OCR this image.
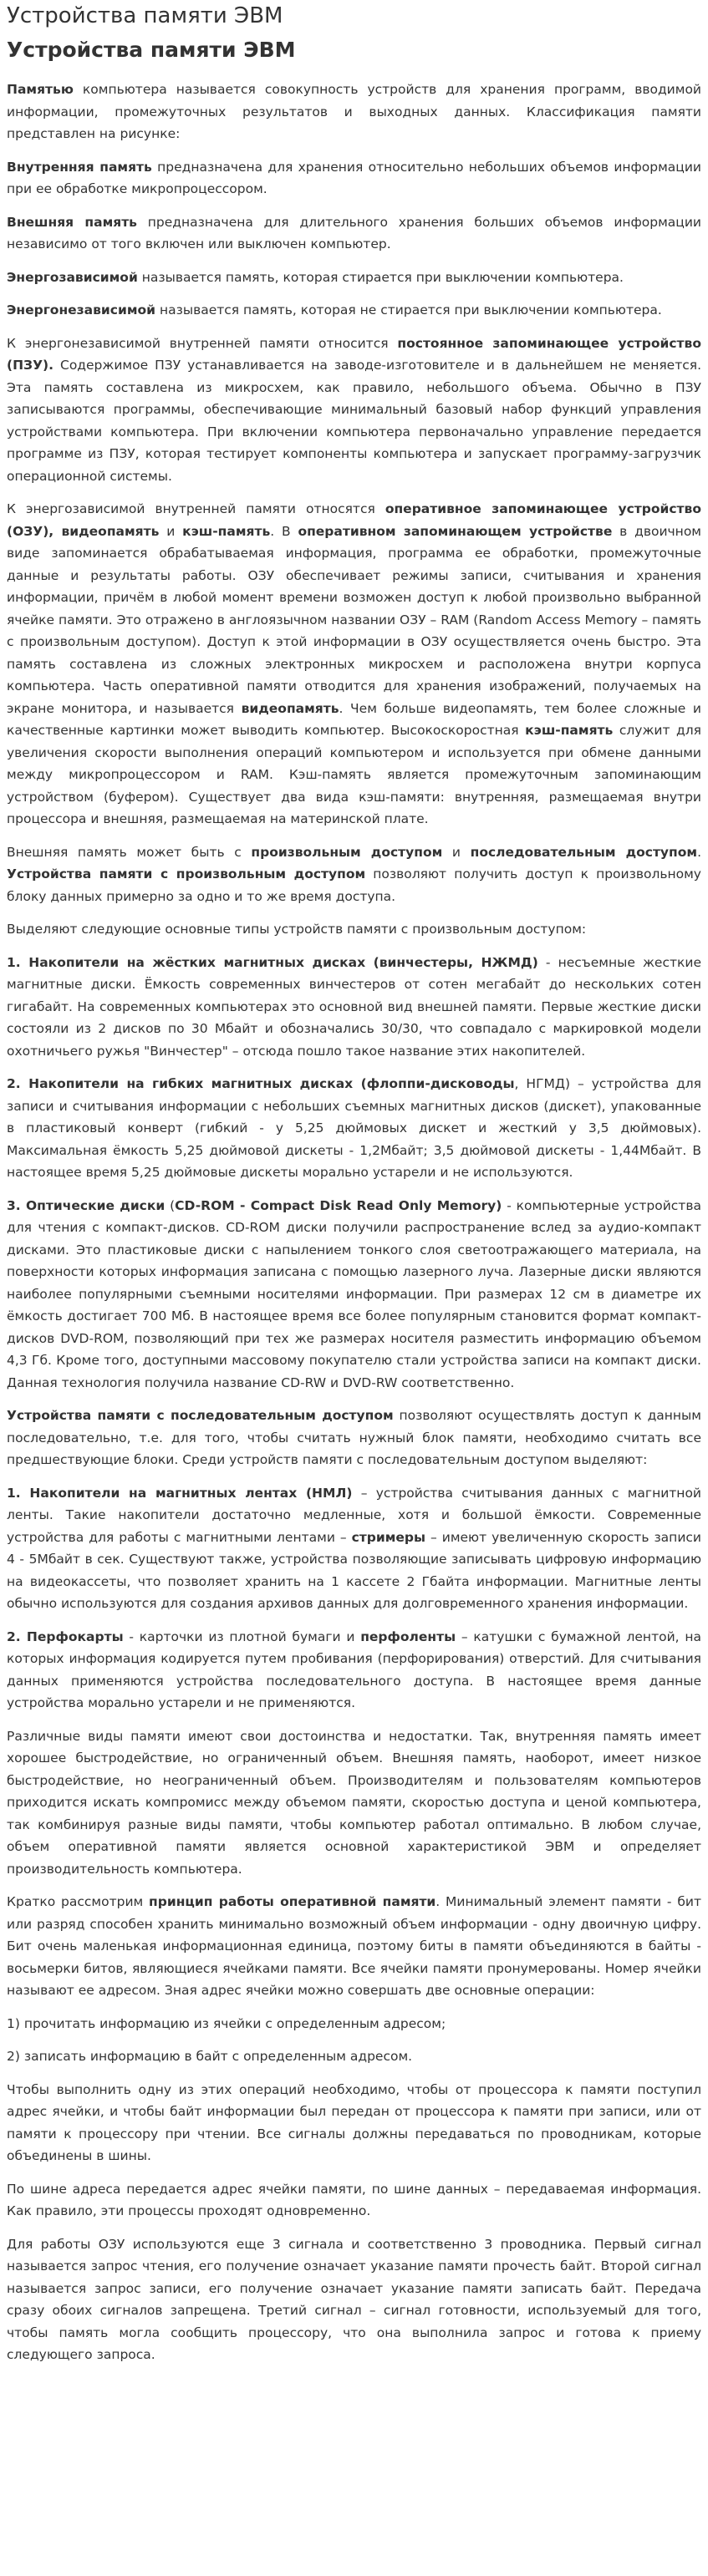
Устройства памяти ЭВМ
Устройства памяти ЭВМ

Памятью компьютера называется совокупность устройств для хранения программ, вводимой информации, промежуточных результатов и выходных данных. Классификация памяти представлен на рисунке:

Внутренняя память предназначена для хранения относительно небольших объемов информации при ее обработке микропроцессором.

Внешняя память предназначена для длительного хранения больших объемов информации независимо от того включен или выключен компьютер.

Энергозависимой называется память, которая стирается при выключении компьютера.

Энергонезависимой называется память, которая не стирается при выключении компьютера.

К энергонезависимой внутренней памяти относится постоянное запоминающее устройство (ПЗУ). Содержимое ПЗУ устанавливается на заводе-изготовителе и в дальнейшем не меняется. Эта память составлена из микросхем, как правило, небольшого объема. Обычно в ПЗУ записываются программы, обеспечивающие минимальный базовый набор функций управления устройствами компьютера. При включении компьютера первоначально управление передается программе из ПЗУ, которая тестирует компоненты компьютера и запускает программу-загрузчик операционной системы.

К энергозависимой внутренней памяти относятся оперативное запоминающее устройство (ОЗУ), видеопамять и кэш-память. В оперативном запоминающем устройстве в двоичном виде запоминается обрабатываемая информация, программа ее обработки, промежуточные данные и результаты работы. ОЗУ обеспечивает режимы записи, считывания и хранения информации, причём в любой момент времени возможен доступ к любой произвольно выбранной ячейке памяти. Это отражено в англоязычном названии ОЗУ – RAM (Random Access Memory – память с произвольным доступом). Доступ к этой информации в ОЗУ осуществляется очень быстро. Эта память составлена из сложных электронных микросхем и расположена внутри корпуса компьютера. Часть оперативной памяти отводится для хранения изображений, получаемых на экране монитора, и называется видеопамять. Чем больше видеопамять, тем более сложные и качественные картинки может выводить компьютер. Высокоскоростная кэш-память служит для увеличения скорости выполнения операций компьютером и используется при обмене данными между микропроцессором и RAM. Кэш-память является промежуточным запоминающим устройством (буфером). Существует два вида кэш-памяти: внутренняя, размещаемая внутри процессора и внешняя, размещаемая на материнской плате.

Внешняя память может быть с произвольным доступом и последовательным доступом. Устройства памяти с произвольным доступом позволяют получить доступ к произвольному блоку данных примерно за одно и то же время доступа.

Выделяют следующие основные типы устройств памяти с произвольным доступом:

1. Накопители на жёстких магнитных дисках (винчестеры, НЖМД) - несъемные жесткие магнитные диски. Ёмкость современных винчестеров от сотен мегабайт до нескольких сотен гигабайт. На современных компьютерах это основной вид внешней памяти. Первые жесткие диски состояли из 2 дисков по 30 Мбайт и обозначались 30/30, что совпадало с маркировкой модели охотничьего ружья "Винчестер" – отсюда пошло такое название этих накопителей.

2. Накопители на гибких магнитных дисках (флоппи-дисководы, НГМД) – устройства для записи и считывания информации с небольших съемных магнитных дисков (дискет), упакованные в пластиковый конверт (гибкий - у 5,25 дюймовых дискет и жесткий у 3,5 дюймовых). Максимальная ёмкость 5,25 дюймовой дискеты - 1,2Мбайт; 3,5 дюймовой дискеты - 1,44Мбайт. В настоящее время 5,25 дюймовые дискеты морально устарели и не используются.

3. Оптические диски (CD-ROM - Compact Disk Read Only Memory) - компьютерные устройства для чтения с компакт-дисков. CD-ROM диски получили распространение вслед за аудио-компакт дисками. Это пластиковые диски с напылением тонкого слоя светоотражающего материала, на поверхности которых информация записана с помощью лазерного луча. Лазерные диски являются наиболее популярными съемными носителями информации. При размерах 12 см в диаметре их ёмкость достигает 700 Мб. В настоящее время все более популярным становится формат компакт-дисков DVD-ROM, позволяющий при тех же размерах носителя разместить информацию объемом 4,3 Гб. Кроме того, доступными массовому покупателю стали устройства записи на компакт диски. Данная технология получила название CD-RW и DVD-RW соответственно.

Устройства памяти с последовательным доступом позволяют осуществлять доступ к данным последовательно, т.е. для того, чтобы считать нужный блок памяти, необходимо считать все предшествующие блоки. Среди устройств памяти с последовательным доступом выделяют:

1. Накопители на магнитных лентах (НМЛ) – устройства считывания данных с магнитной ленты. Такие накопители достаточно медленные, хотя и большой ёмкости. Современные устройства для работы с магнитными лентами – стримеры – имеют увеличенную скорость записи 4 - 5Мбайт в сек. Существуют также, устройства позволяющие записывать цифровую информацию на видеокассеты, что позволяет хранить на 1 кассете 2 Гбайта информации. Магнитные ленты обычно используются для создания архивов данных для долговременного хранения информации.

2. Перфокарты - карточки из плотной бумаги и перфоленты – катушки с бумажной лентой, на которых информация кодируется путем пробивания (перфорирования) отверстий. Для считывания данных применяются устройства последовательного доступа. В настоящее время данные устройства морально устарели и не применяются.

Различные виды памяти имеют свои достоинства и недостатки. Так, внутренняя память имеет хорошее быстродействие, но ограниченный объем. Внешняя память, наоборот, имеет низкое быстродействие, но неограниченный объем. Производителям и пользователям компьютеров приходится искать компромисс между объемом памяти, скоростью доступа и ценой компьютера, так комбинируя разные виды памяти, чтобы компьютер работал оптимально. В любом случае, объем оперативной памяти является основной характеристикой ЭВМ и определяет производительность компьютера.

Кратко рассмотрим принцип работы оперативной памяти. Минимальный элемент памяти - бит или разряд способен хранить минимально возможный объем информации - одну двоичную цифру. Бит очень маленькая информационная единица, поэтому биты в памяти объединяются в байты - восьмерки битов, являющиеся ячейками памяти. Все ячейки памяти пронумерованы. Номер ячейки называют ее адресом. Зная адрес ячейки можно совершать две основные операции:

1) прочитать информацию из ячейки с определенным адресом;

2) записать информацию в байт с определенным адресом.

Чтобы выполнить одну из этих операций необходимо, чтобы от процессора к памяти поступил адрес ячейки, и чтобы байт информации был передан от процессора к памяти при записи, или от памяти к процессору при чтении. Все сигналы должны передаваться по проводникам, которые объединены в шины.

По шине адреса передается адрес ячейки памяти, по шине данных – передаваемая информация. Как правило, эти процессы проходят одновременно.

Для работы ОЗУ используются еще 3 сигнала и соответственно 3 проводника. Первый сигнал называется запрос чтения, его получение означает указание памяти прочесть байт. Второй сигнал называется запрос записи, его получение означает указание памяти записать байт. Передача сразу обоих сигналов запрещена. Третий сигнал – сигнал готовности, используемый для того, чтобы память могла сообщить процессору, что она выполнила запрос и готова к приему следующего запроса.
